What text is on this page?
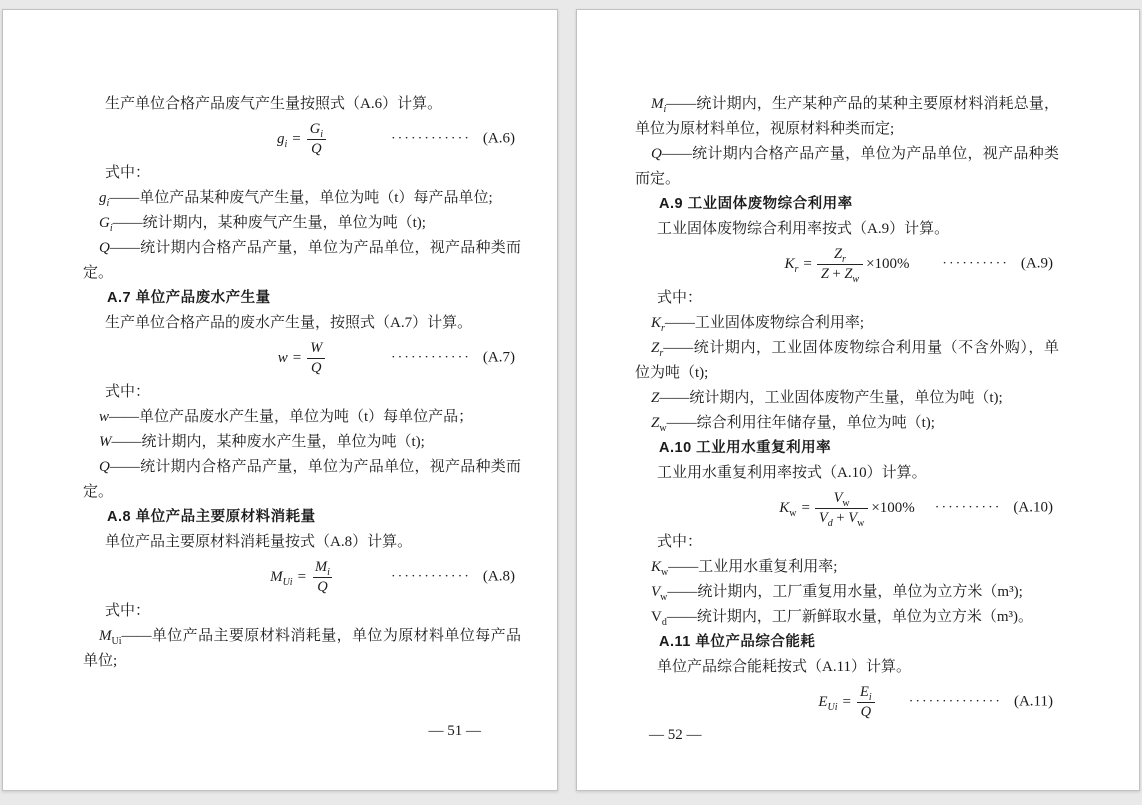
生产单位合格产品废气产生量按照式（A.6）计算。

$g_i = \frac{G_i}{Q}$	············ (A.6)

式中：

$g_i——$单位产品某种废气产生量，单位为吨（t）每产品单位;

$G_i——$统计期内，某种废气产生量，单位为吨（t);

Q——统计期内合格产品产量，单位为产品单位，视产品种类而定。

A.7 单位产品废水产生量

生产单位合格产品的废水产生量，按照式（A.7）计算。

$w = \frac{W}{Q}$	············ (A.7)

式中：

w——单位产品废水产生量，单位为吨（t）每单位产品；

W——统计期内，某种废水产生量，单位为吨（t);

Q——统计期内合格产品产量，单位为产品单位，视产品种类而定。

A.8 单位产品主要原材料消耗量

单位产品主要原材料消耗量按式（A.8）计算。

$M_{Ui} = \frac{M_i}{Q}$	············ (A.8)

式中：

$M_{Ui}——$单位产品主要原材料消耗量，单位为原材料单位每产品单位;

— 51 —

$M_i——$统计期内，生产某种产品的某种主要原材料消耗总量，单位为原材料单位，视原材料种类而定;

Q——统计期内合格产品产量，单位为产品单位，视产品种类而定。

A.9 工业固体废物综合利用率

工业固体废物综合利用率按式（A.9）计算。

$K_r = \frac{Z_r}{Z + Z_w} \times 100\%$ ·········· (A.9)

式中：

$K_r——$工业固体废物综合利用率;

$Z_r——$统计期内，工业固体废物综合利用量（不含外购），单位为吨（t);

Z——统计期内，工业固体废物产生量，单位为吨（t);

$Z_w——$综合利用往年储存量，单位为吨（t);

A.10 工业用水重复利用率

工业用水重复利用率按式（A.10）计算。

$K_w = \frac{V_w}{V_d + V_w} \times 100\%$ ·········· (A.10)

式中：

$K_w——$工业用水重复利用率;

$V_w——$统计期内，工厂重复用水量，单位为立方米（m³);

$V_d——$统计期内，工厂新鲜取水量，单位为立方米（m³)。

A.11 单位产品综合能耗

单位产品综合能耗按式（A.11）计算。

$E_{Ui} = \frac{E_i}{Q}$ ·············· (A.11)
— 52 —
